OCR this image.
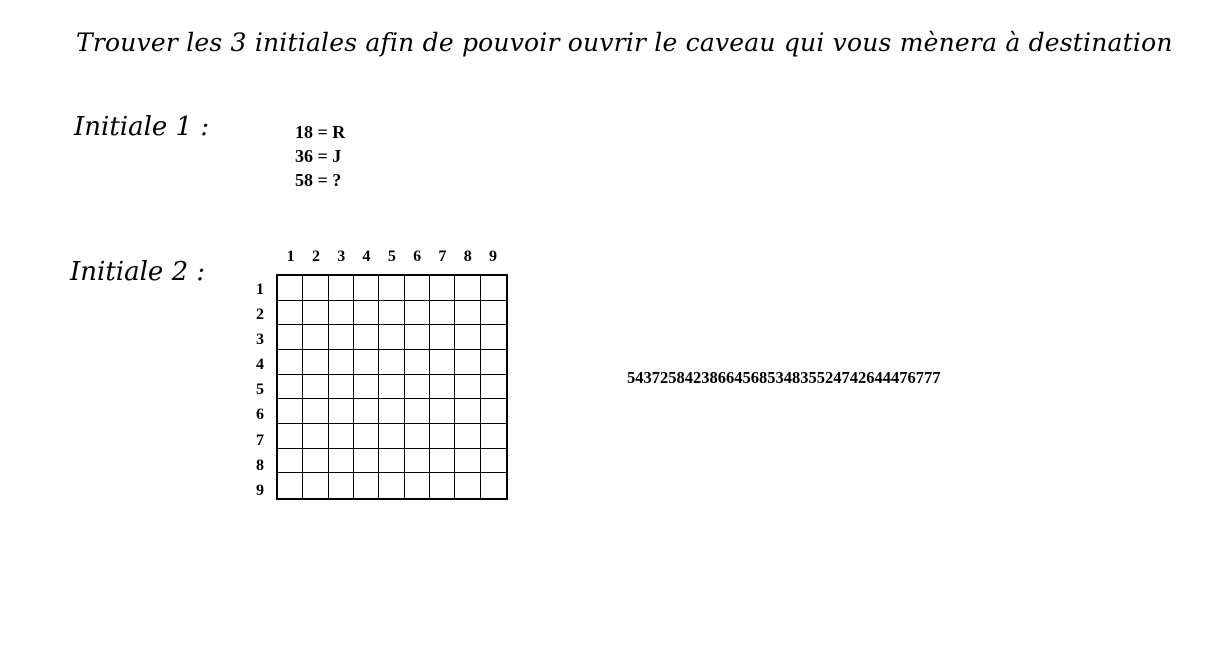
Trouver les 3 initiales afin de pouvoir ouvrir le caveau qui vous mènera à destination
Initiale 1 :	18 = R
36 = J
58 = ?
Initiale 2 :
1	2	3	4	5	6	7	8	9
1
2
3
4
5
6
7
8
9
54372584238664568534835524742644476777
